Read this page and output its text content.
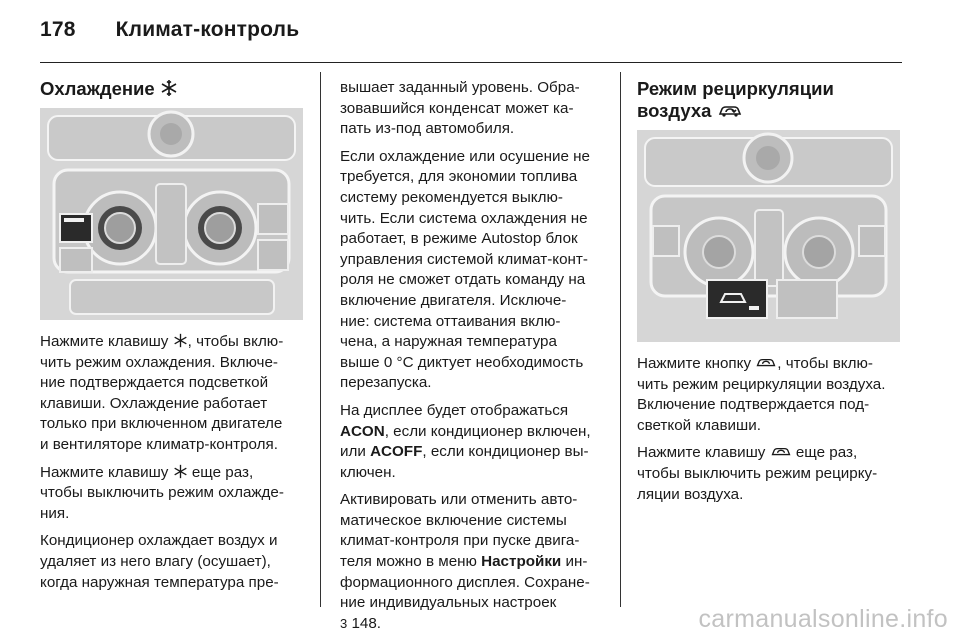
178 Климат-контроль
Охлаждение

Нажмите клавишу , чтобы вклю-
чить режим охлаждения. Включе-
ние подтверждается подсветкой
клавиши. Охлаждение работает
только при включенном двигателе
и вентиляторе климатр-контроля.

Нажмите клавишу  еще раз,
чтобы выключить режим охлажде-
ния.

Кондиционер охлаждает воздух и
удаляет из него влагу (осушает),
когда наружная температура пре-

вышает заданный уровень. Обра-
зовавшийся конденсат может ка-
пать из-под автомобиля.

Если охлаждение или осушение не
требуется, для экономии топлива
систему рекомендуется выклю-
чить. Если система охлаждения не
работает, в режиме Autostop блок
управления системой климат-конт-
роля не сможет отдать команду на
включение двигателя. Исключе-
ние: система оттаивания вклю-
чена, а наружная температура
выше 0 °C диктует необходимость
перезапуска.

На дисплее будет отображаться
ACON, если кондиционер включен,
или ACOFF, если кондиционер вы-
ключен.

Активировать или отменить авто-
матическое включение системы
климат-контроля при пуске двига-
теля можно в меню Настройки ин-
формационного дисплея. Сохране-
ние индивидуальных настроек
3 148.

Режим рециркуляции
воздуха

Нажмите кнопку , чтобы вклю-
чить режим рециркуляции воздуха.
Включение подтверждается под-
светкой клавиши.

Нажмите клавишу  еще раз,
чтобы выключить режим рецирку-
ляции воздуха.

carmanualsonline.info
